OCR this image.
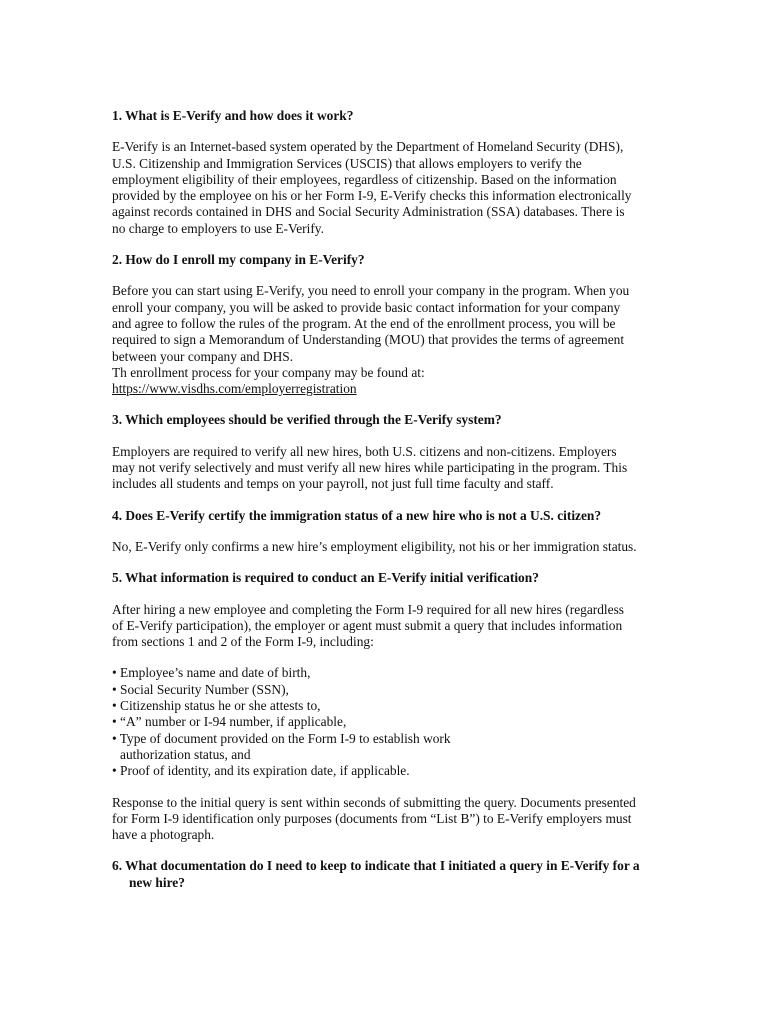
1. What is E-Verify and how does it work?
E-Verify is an Internet-based system operated by the Department of Homeland Security (DHS),
U.S. Citizenship and Immigration Services (USCIS) that allows employers to verify the
employment eligibility of their employees, regardless of citizenship. Based on the information
provided by the employee on his or her Form I-9, E-Verify checks this information electronically
against records contained in DHS and Social Security Administration (SSA) databases. There is
no charge to employers to use E-Verify.
2. How do I enroll my company in E-Verify?
Before you can start using E-Verify, you need to enroll your company in the program. When you
enroll your company, you will be asked to provide basic contact information for your company
and agree to follow the rules of the program. At the end of the enrollment process, you will be
required to sign a Memorandum of Understanding (MOU) that provides the terms of agreement
between your company and DHS.
Th enrollment process for your company may be found at:
https://www.visdhs.com/employerregistration
3. Which employees should be verified through the E-Verify system?
Employers are required to verify all new hires, both U.S. citizens and non-citizens. Employers
may not verify selectively and must verify all new hires while participating in the program. This
includes all students and temps on your payroll, not just full time faculty and staff.
4. Does E-Verify certify the immigration status of a new hire who is not a U.S. citizen?
No, E-Verify only confirms a new hire’s employment eligibility, not his or her immigration status.
5. What information is required to conduct an E-Verify initial verification?
After hiring a new employee and completing the Form I-9 required for all new hires (regardless
of E-Verify participation), the employer or agent must submit a query that includes information
from sections 1 and 2 of the Form I-9, including:
• Employee’s name and date of birth,
• Social Security Number (SSN),
• Citizenship status he or she attests to,
• “A” number or I-94 number, if applicable,
• Type of document provided on the Form I-9 to establish work
authorization status, and
• Proof of identity, and its expiration date, if applicable.
Response to the initial query is sent within seconds of submitting the query. Documents presented
for Form I-9 identification only purposes (documents from “List B”) to E-Verify employers must
have a photograph.
6. What documentation do I need to keep to indicate that I initiated a query in E-Verify for a new hire?
